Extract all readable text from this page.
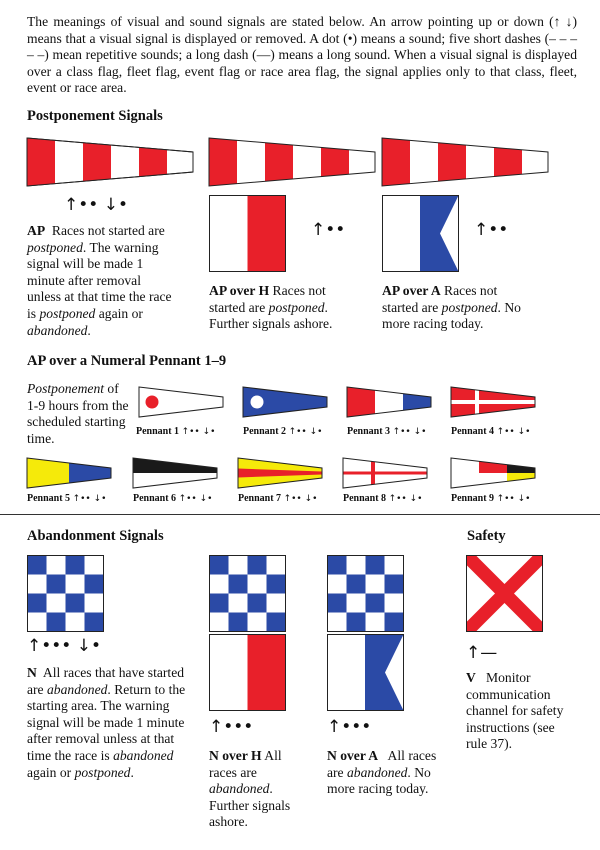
The meanings of visual and sound signals are stated below. An arrow pointing up or down (↑ ↓) means that a visual signal is displayed or removed. A dot (•) means a sound; five short dashes (– – – – –) mean repetitive sounds; a long dash (—) means a long sound. When a visual signal is displayed over a class flag, fleet flag, event flag or race area flag, the signal applies only to that class, fleet, event or race area.
Postponement Signals
↑•• ↓•
AP Races not started are postponed. The warning signal will be made 1 minute after removal unless at that time the race is postponed again or abandoned.
↑••
AP over H Races not started are postponed. Further signals ashore.
↑••
AP over A Races not started are postponed. No more racing today.
AP over a Numeral Pennant 1–9
Postponement of 1-9 hours from the scheduled starting time.	Pennant 1 ↑•• ↓•	Pennant 2 ↑•• ↓• Pennant 3 ↑•• ↓• Pennant 4 ↑•• ↓•
Pennant 5 ↑•• ↓•	Pennant 6 ↑•• ↓•	Pennant 7 ↑•• ↓•	Pennant 8 ↑•• ↓•	Pennant 9 ↑•• ↓•
Abandonment Signals
↑••• ↓•
N  All races that have started are abandoned. Return to the starting area. The warning signal will be made 1 minute after removal unless at that time the race is abandoned again or postponed.
↑•••
N over H All races are abandoned. Further signals ashore.
↑•••
N over A   All races are abandoned. No more racing today.
Safety
↑—
V   Monitor communication channel for safety instructions (see rule 37).
